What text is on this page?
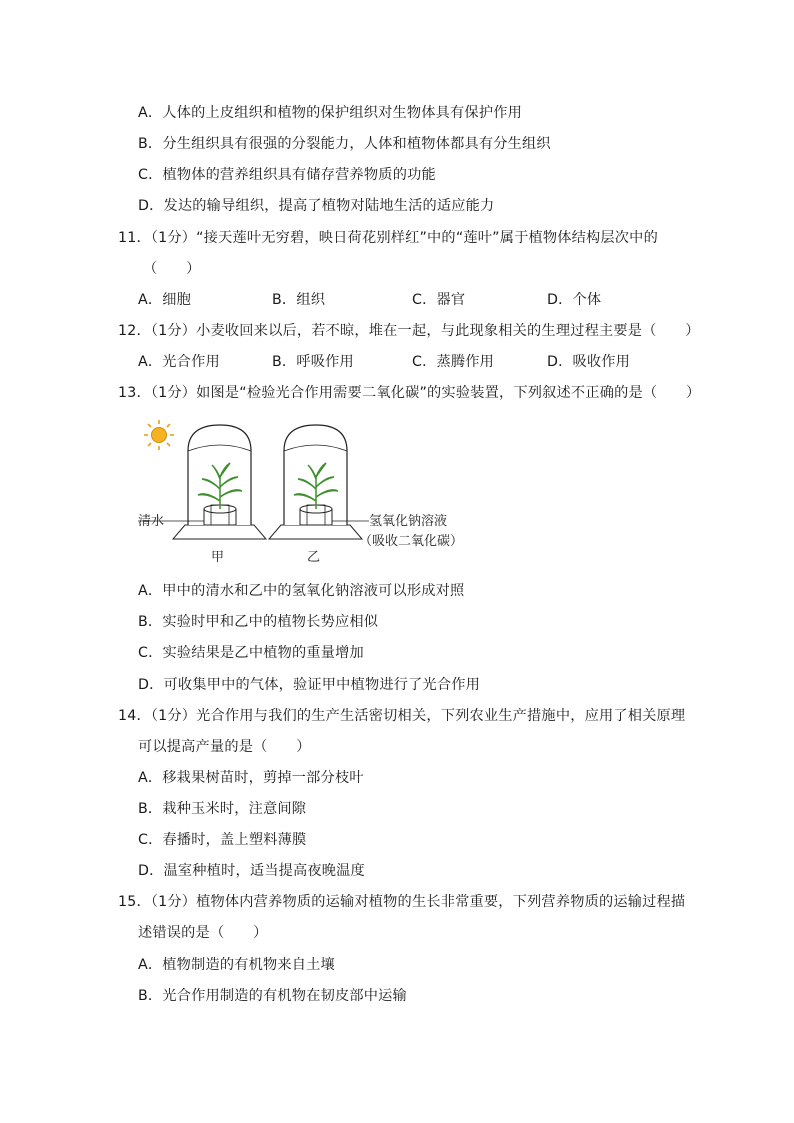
A．人体的上皮组织和植物的保护组织对生物体具有保护作用
B．分生组织具有很强的分裂能力，人体和植物体都具有分生组织
C．植物体的营养组织具有储存营养物质的功能
D．发达的输导组织，提高了植物对陆地生活的适应能力
11．（1分）“接天莲叶无穷碧，映日荷花别样红”中的“莲叶”属于植物体结构层次中的
（　　）
A．细胞	B．组织	C．器官	D．个体
12．（1分）小麦收回来以后，若不晾，堆在一起，与此现象相关的生理过程主要是（　　）
A．光合作用	B．呼吸作用	C．蒸腾作用	D．吸收作用
13．（1分）如图是“检验光合作用需要二氧化碳”的实验装置，下列叙述不正确的是（　　）
清水
甲	乙
氢氧化钠溶液
（吸收二氧化碳）
A．甲中的清水和乙中的氢氧化钠溶液可以形成对照
B．实验时甲和乙中的植物长势应相似
C．实验结果是乙中植物的重量增加
D．可收集甲中的气体，验证甲中植物进行了光合作用
14．（1分）光合作用与我们的生产生活密切相关，下列农业生产措施中，应用了相关原理
可以提高产量的是（　　）
A．移栽果树苗时，剪掉一部分枝叶
B．栽种玉米时，注意间隙
C．春播时，盖上塑料薄膜
D．温室种植时，适当提高夜晚温度
15．（1分）植物体内营养物质的运输对植物的生长非常重要，下列营养物质的运输过程描
述错误的是（　　）
A．植物制造的有机物来自土壤
B．光合作用制造的有机物在韧皮部中运输
